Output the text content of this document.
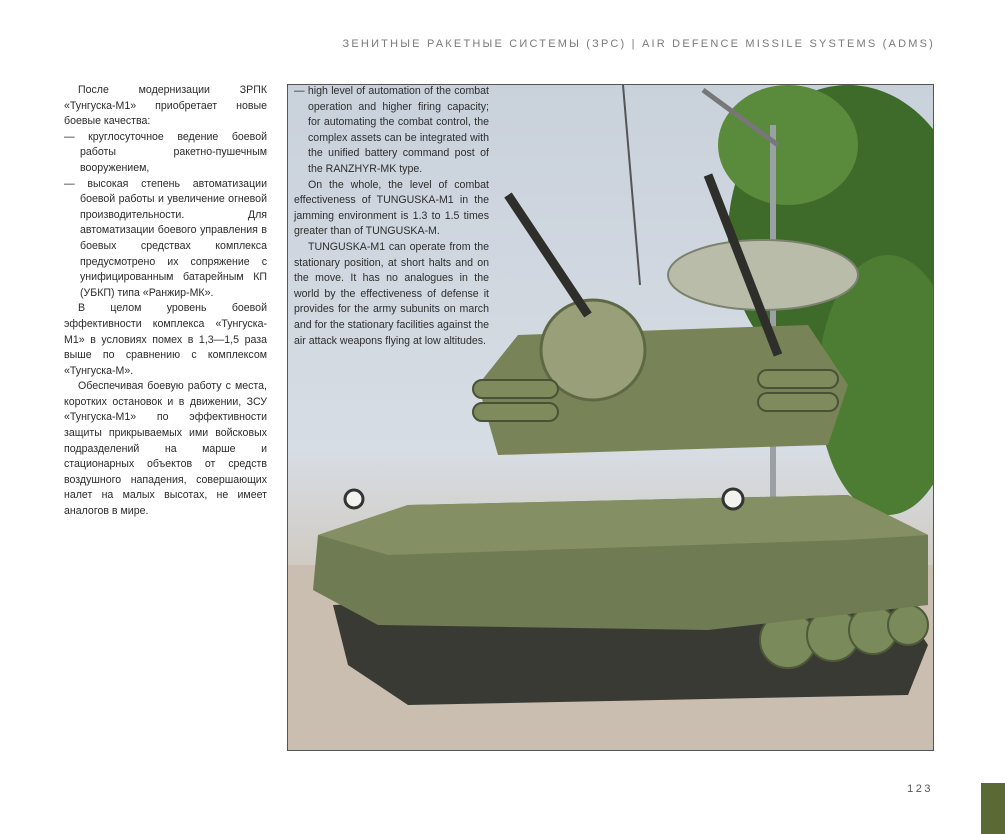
ЗЕНИТНЫЕ РАКЕТНЫЕ СИСТЕМЫ (ЗРС) | AIR DEFENCE MISSILE SYSTEMS (ADMS)

После модернизации ЗРПК «Тунгуска-М1» приобретает новые боевые качества:

— круглосуточное ведение боевой работы ракетно-пушечным вооружением,

— высокая степень автоматизации боевой работы и увеличение огневой производительности. Для автоматизации боевого управления в боевых средствах комплекса предусмотрено их сопряжение с унифицированным батарейным КП (УБКП) типа «Ранжир-МК».

В целом уровень боевой эффективности комплекса «Тунгуска-М1» в условиях помех в 1,3—1,5 раза выше по сравнению с комплексом «Тунгуска-М».

Обеспечивая боевую работу с места, коротких остановок и в движении, ЗСУ «Тунгуска-М1» по эффективности защиты прикрываемых ими войсковых подразделений на марше и стационарных объектов от средств воздушного нападения, совершающих налет на малых высотах, не имеет аналогов в мире.

— high level of automation of the combat operation and higher firing capacity; for automating the combat control, the complex assets can be integrated with the unified battery command post of the RANZHYR-MK type.

On the whole, the level of combat effectiveness of TUNGUSKA-M1 in the jamming environment is 1.3 to 1.5 times greater than of TUNGUSKA-M.

TUNGUSKA-M1 can operate from the stationary position, at short halts and on the move. It has no analogues in the world by the effectiveness of defense it provides for the army subunits on march and for the stationary facilities against the air attack weapons flying at low altitudes.

123
